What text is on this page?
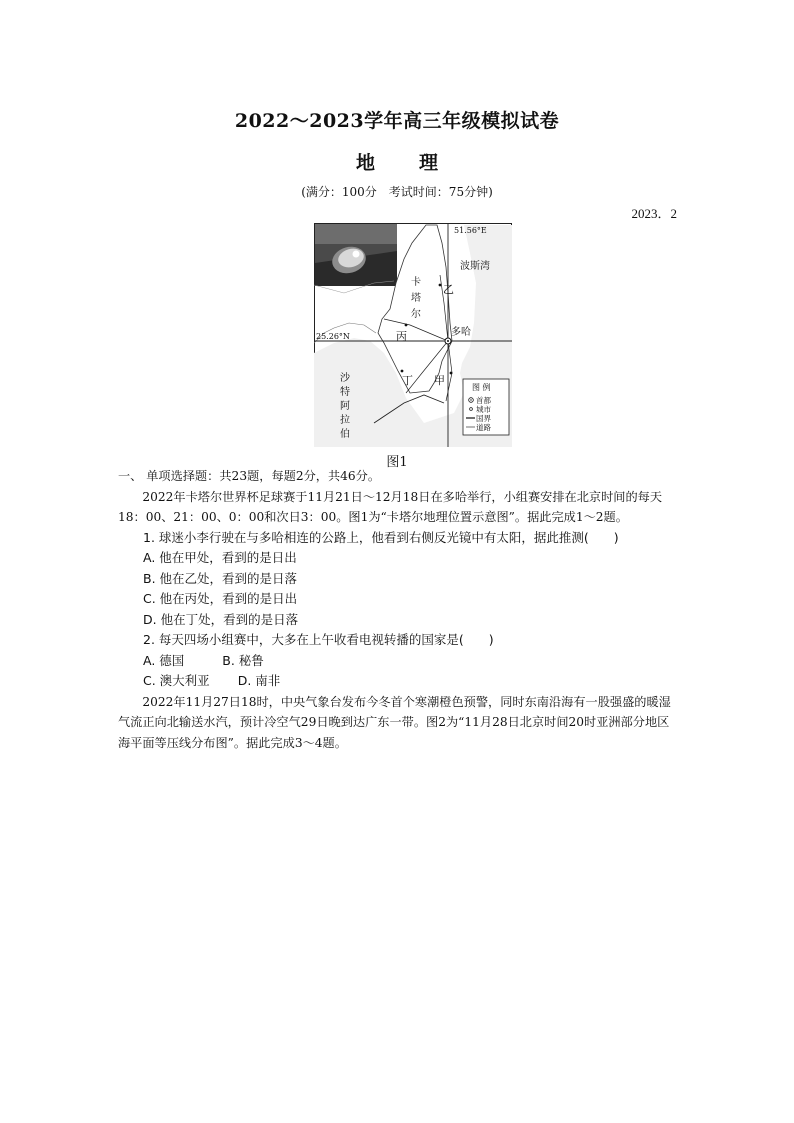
2022～2023学年高三年级模拟试卷
地 理
(满分：100分　考试时间：75分钟)
2023．2
51.56°E
25.26°N
波斯湾
卡
塔
尔
沙
特
阿
拉
伯
多哈
乙
丙
丁 甲
图 例
首都
城市
国界
道路
图1

一、 单项选择题：共23题，每题2分，共46分。

2022年卡塔尔世界杯足球赛于11月21日～12月18日在多哈举行，小组赛安排在北京时间的每天18：00、21：00、0：00和次日3：00。图1为“卡塔尔地理位置示意图”。据此完成1～2题。

1. 球迷小李行驶在与多哈相连的公路上，他看到右侧反光镜中有太阳，据此推测(　　)

A. 他在甲处，看到的是日出

B. 他在乙处，看到的是日落

C. 他在丙处，看到的是日出

D. 他在丁处，看到的是日落

2. 每天四场小组赛中，大多在上午收看电视转播的国家是(　　)

A. 德国	B. 秘鲁

C. 澳大利亚 D. 南非

2022年11月27日18时，中央气象台发布今冬首个寒潮橙色预警，同时东南沿海有一股强盛的暖湿气流正向北输送水汽，预计冷空气29日晚到达广东一带。图2为“11月28日北京时间20时亚洲部分地区海平面等压线分布图”。据此完成3～4题。
